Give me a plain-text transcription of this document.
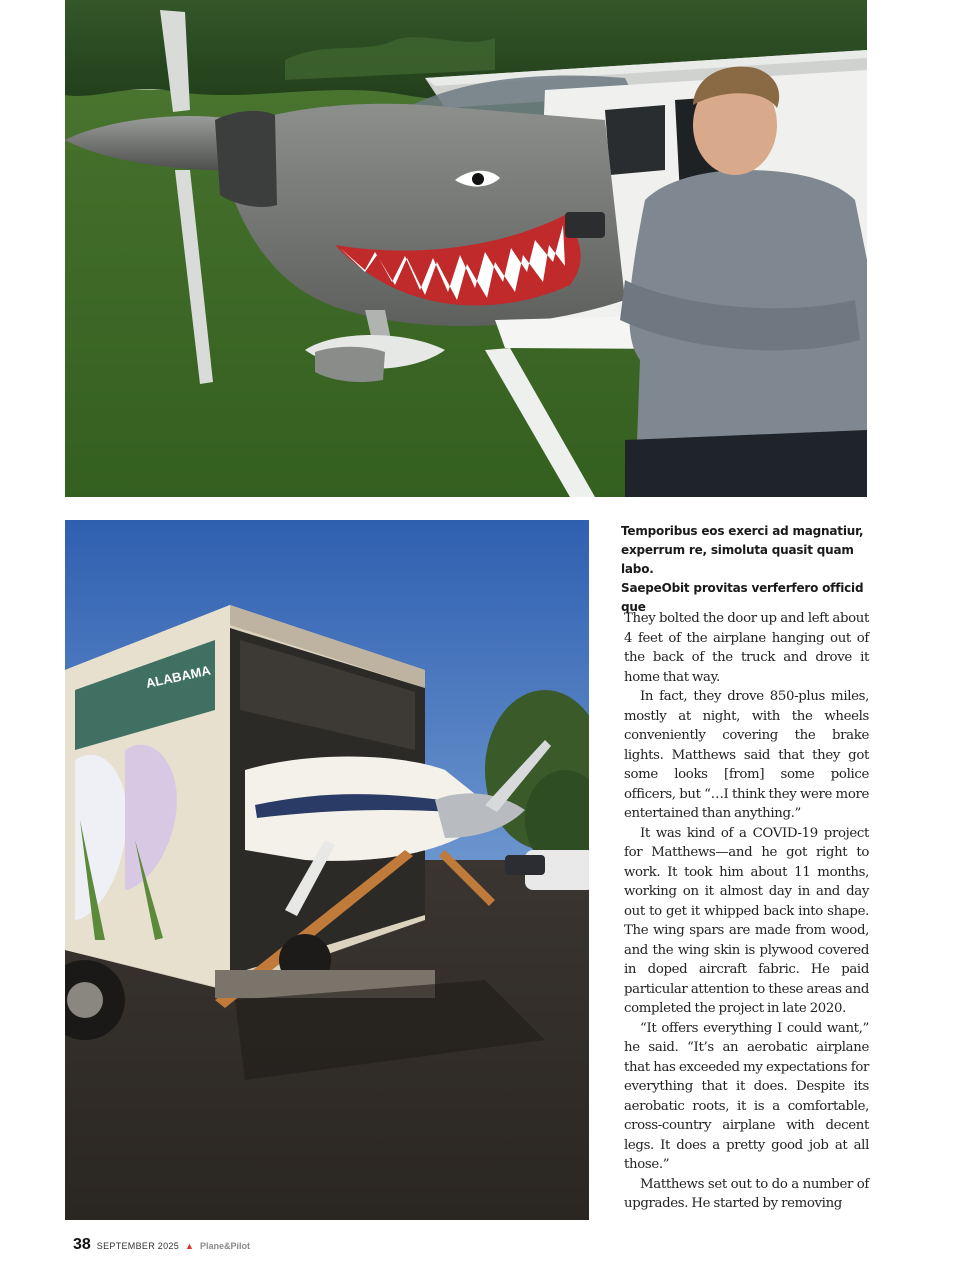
ALABAMA

Temporibus eos exerci ad magnatiur,

experrum re, simoluta quasit quam labo.

SaepeObit provitas verferfero officid que

They bolted the door up and left about 4 feet of the airplane hanging out of the back of the truck and drove it home that way.

In fact, they drove 850-plus miles, mostly at night, with the wheels conveniently covering the brake lights. Matthews said that they got some looks [from] some police officers, but “…I think they were more entertained than anything.”

It was kind of a COVID-19 project for Matthews—and he got right to work. It took him about 11 months, working on it almost day in and day out to get it whipped back into shape. The wing spars are made from wood, and the wing skin is plywood covered in doped aircraft fabric. He paid particular attention to these areas and completed the project in late 2020.

“It offers everything I could want,” he said. “It’s an aerobatic airplane that has exceeded my expectations for everything that it does. Despite its aerobatic roots, it is a comfortable, cross-country airplane with decent legs. It does a pretty good job at all those.”

Matthews set out to do a number of upgrades. He started by removing

38 SEPTEMBER 2025 ▲ Plane&Pilot
